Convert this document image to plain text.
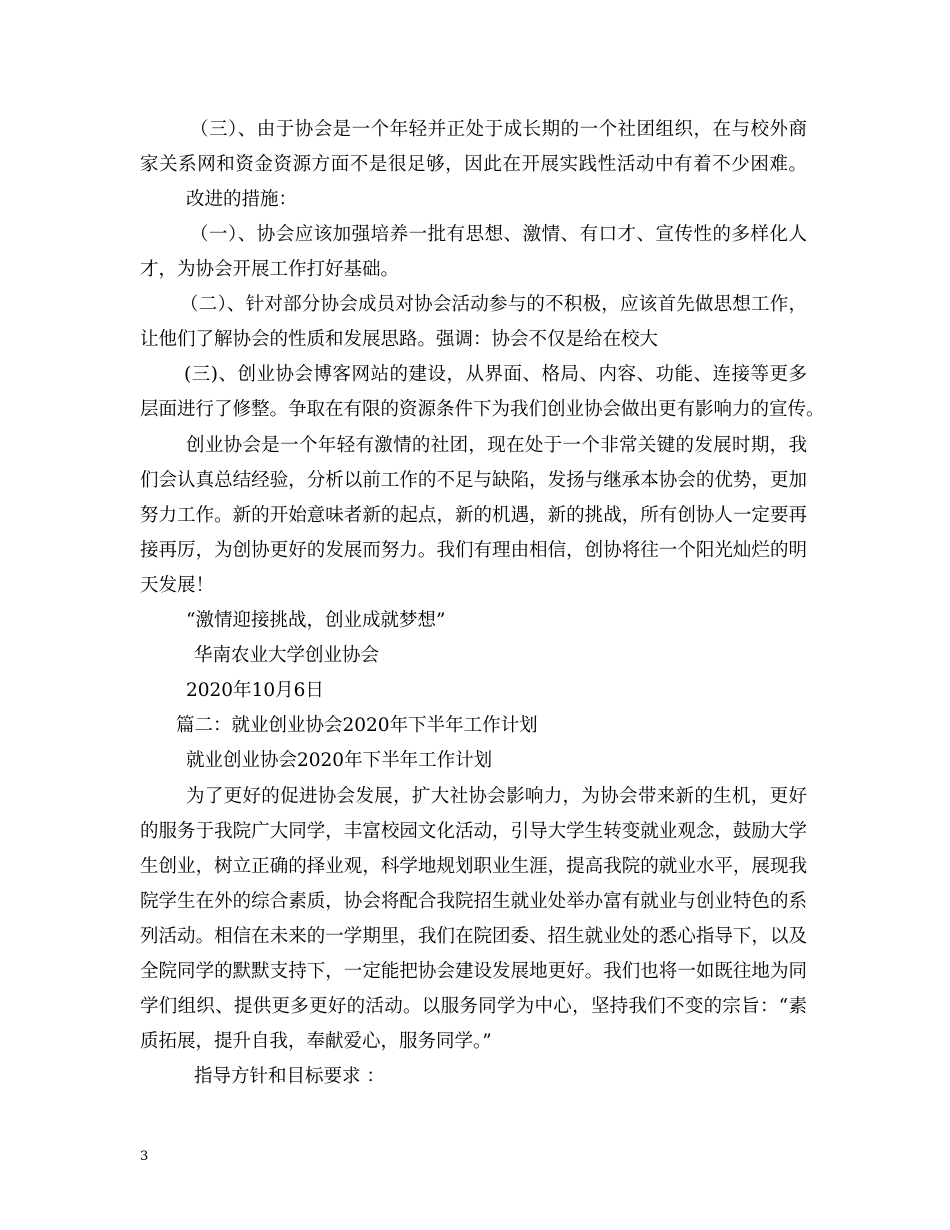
（三）、由于协会是一个年轻并正处于成长期的一个社团组织，在与校外商

家关系网和资金资源方面不是很足够，因此在开展实践性活动中有着不少困难。

改进的措施：

（一）、协会应该加强培养一批有思想、激情、有口才、宣传性的多样化人

才，为协会开展工作打好基础。

（二）、针对部分协会成员对协会活动参与的不积极，应该首先做思想工作，

让他们了解协会的性质和发展思路。强调：协会不仅是给在校大

(三)、创业协会博客网站的建设，从界面、格局、内容、功能、连接等更多

层面进行了修整。争取在有限的资源条件下为我们创业协会做出更有影响力的宣传。

创业协会是一个年轻有激情的社团，现在处于一个非常关键的发展时期，我

们会认真总结经验，分析以前工作的不足与缺陷，发扬与继承本协会的优势，更加

努力工作。新的开始意味者新的起点，新的机遇，新的挑战，所有创协人一定要再

接再厉，为创协更好的发展而努力。我们有理由相信，创协将往一个阳光灿烂的明

天发展！

“激情迎接挑战，创业成就梦想”

华南农业大学创业协会

2020年10月6日

篇二：就业创业协会2020年下半年工作计划

就业创业协会2020年下半年工作计划

为了更好的促进协会发展，扩大社协会影响力，为协会带来新的生机，更好

的服务于我院广大同学，丰富校园文化活动，引导大学生转变就业观念，鼓励大学

生创业，树立正确的择业观，科学地规划职业生涯，提高我院的就业水平，展现我

院学生在外的综合素质，协会将配合我院招生就业处举办富有就业与创业特色的系

列活动。相信在未来的一学期里，我们在院团委、招生就业处的悉心指导下，以及

全院同学的默默支持下，一定能把协会建设发展地更好。我们也将一如既往地为同

学们组织、提供更多更好的活动。以服务同学为中心，坚持我们不变的宗旨：“素

质拓展，提升自我，奉献爱心，服务同学。”

指导方针和目标要求 ：

3
